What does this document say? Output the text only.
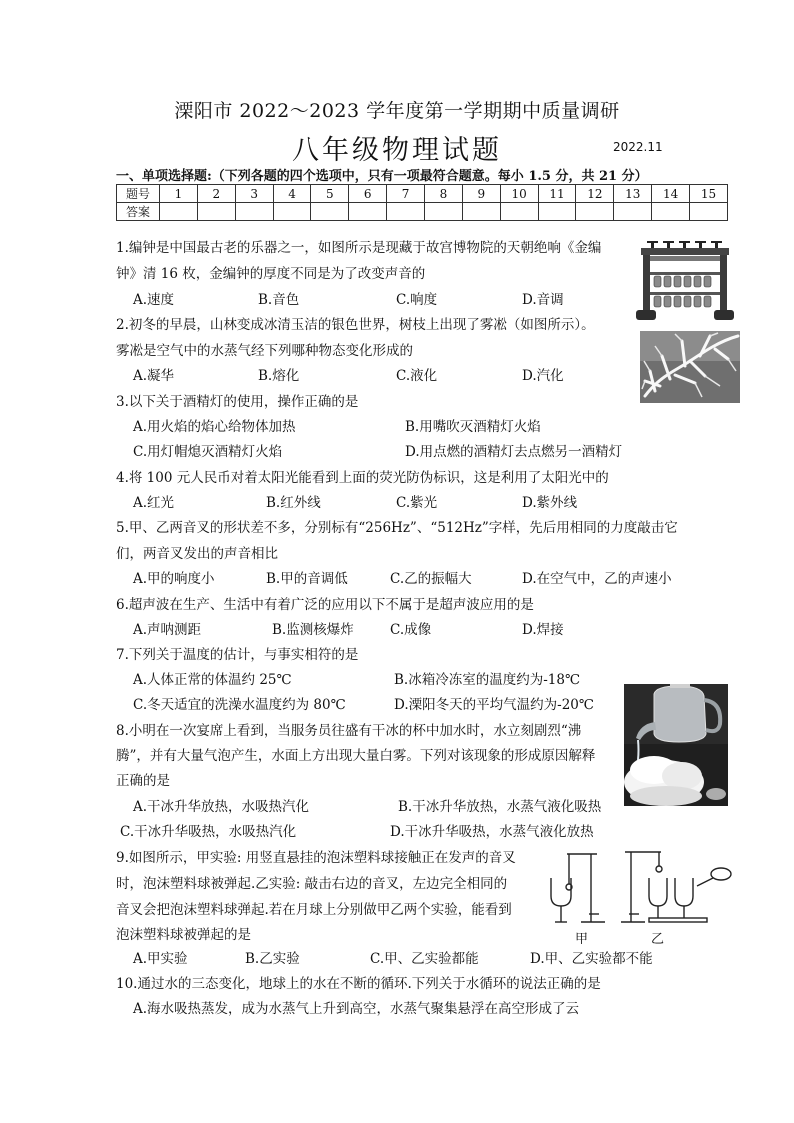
溧阳市 2022～2023 学年度第一学期期中质量调研
八年级物理试题	2022.11
一、单项选择题:（下列各题的四个选项中，只有一项最符合题意。每小 1.5 分，共 21 分）
题号	1	2	3	4	5	6	7	8	9	10	11	12	13	14	15
答案															
1.编钟是中国最古老的乐器之一，如图所示是现藏于故宫博物院的天朝绝响《金编
钟》清 16 枚，金编钟的厚度不同是为了改变声音的
A.速度	B.音色	C.响度	D.音调
2.初冬的早晨，山林变成冰清玉洁的银色世界，树枝上出现了雾凇（如图所示）。
雾凇是空气中的水蒸气经下列哪种物态变化形成的
A.凝华	B.熔化	C.液化	D.汽化
3.以下关于酒精灯的使用，操作正确的是
A.用火焰的焰心给物体加热	B.用嘴吹灭酒精灯火焰
C.用灯帽熄灭酒精灯火焰	D.用点燃的酒精灯去点燃另一酒精灯
4.将 100 元人民币对着太阳光能看到上面的荧光防伪标识，这是利用了太阳光中的
A.红光	B.红外线	C.紫光	D.紫外线
5.甲、乙两音叉的形状差不多，分别标有“256Hz”、“512Hz”字样，先后用相同的力度敲击它
们，两音叉发出的声音相比
A.甲的响度小	B.甲的音调低	C.乙的振幅大	D.在空气中，乙的声速小
6.超声波在生产、生活中有着广泛的应用以下不属于是超声波应用的是
A.声呐测距	B.监测核爆炸	C.成像	D.焊接
7.下列关于温度的估计，与事实相符的是
A.人体正常的体温约 25℃	B.冰箱冷冻室的温度约为-18℃
C.冬天适宜的洗澡水温度约为 80℃	D.溧阳冬天的平均气温约为-20℃
8.小明在一次宴席上看到，当服务员往盛有干冰的杯中加水时，水立刻剧烈“沸
腾”，并有大量气泡产生，水面上方出现大量白雾。下列对该现象的形成原因解释
正确的是
A.干冰升华放热，水吸热汽化	B.干冰升华放热，水蒸气液化吸热
C.干冰升华吸热，水吸热汽化	D.干冰升华吸热，水蒸气液化放热
9.如图所示，甲实验: 用竖直悬挂的泡沫塑料球接触正在发声的音叉
时，泡沫塑料球被弹起.乙实验: 敲击右边的音叉，左边完全相同的
音叉会把泡沫塑料球弹起.若在月球上分别做甲乙两个实验，能看到
泡沫塑料球被弹起的是
A.甲实验	B.乙实验	C.甲、乙实验都能	D.甲、乙实验都不能
甲	乙
10.通过水的三态变化，地球上的水在不断的循环.下列关于水循环的说法正确的是
A.海水吸热蒸发，成为水蒸气上升到高空，水蒸气聚集悬浮在高空形成了云
